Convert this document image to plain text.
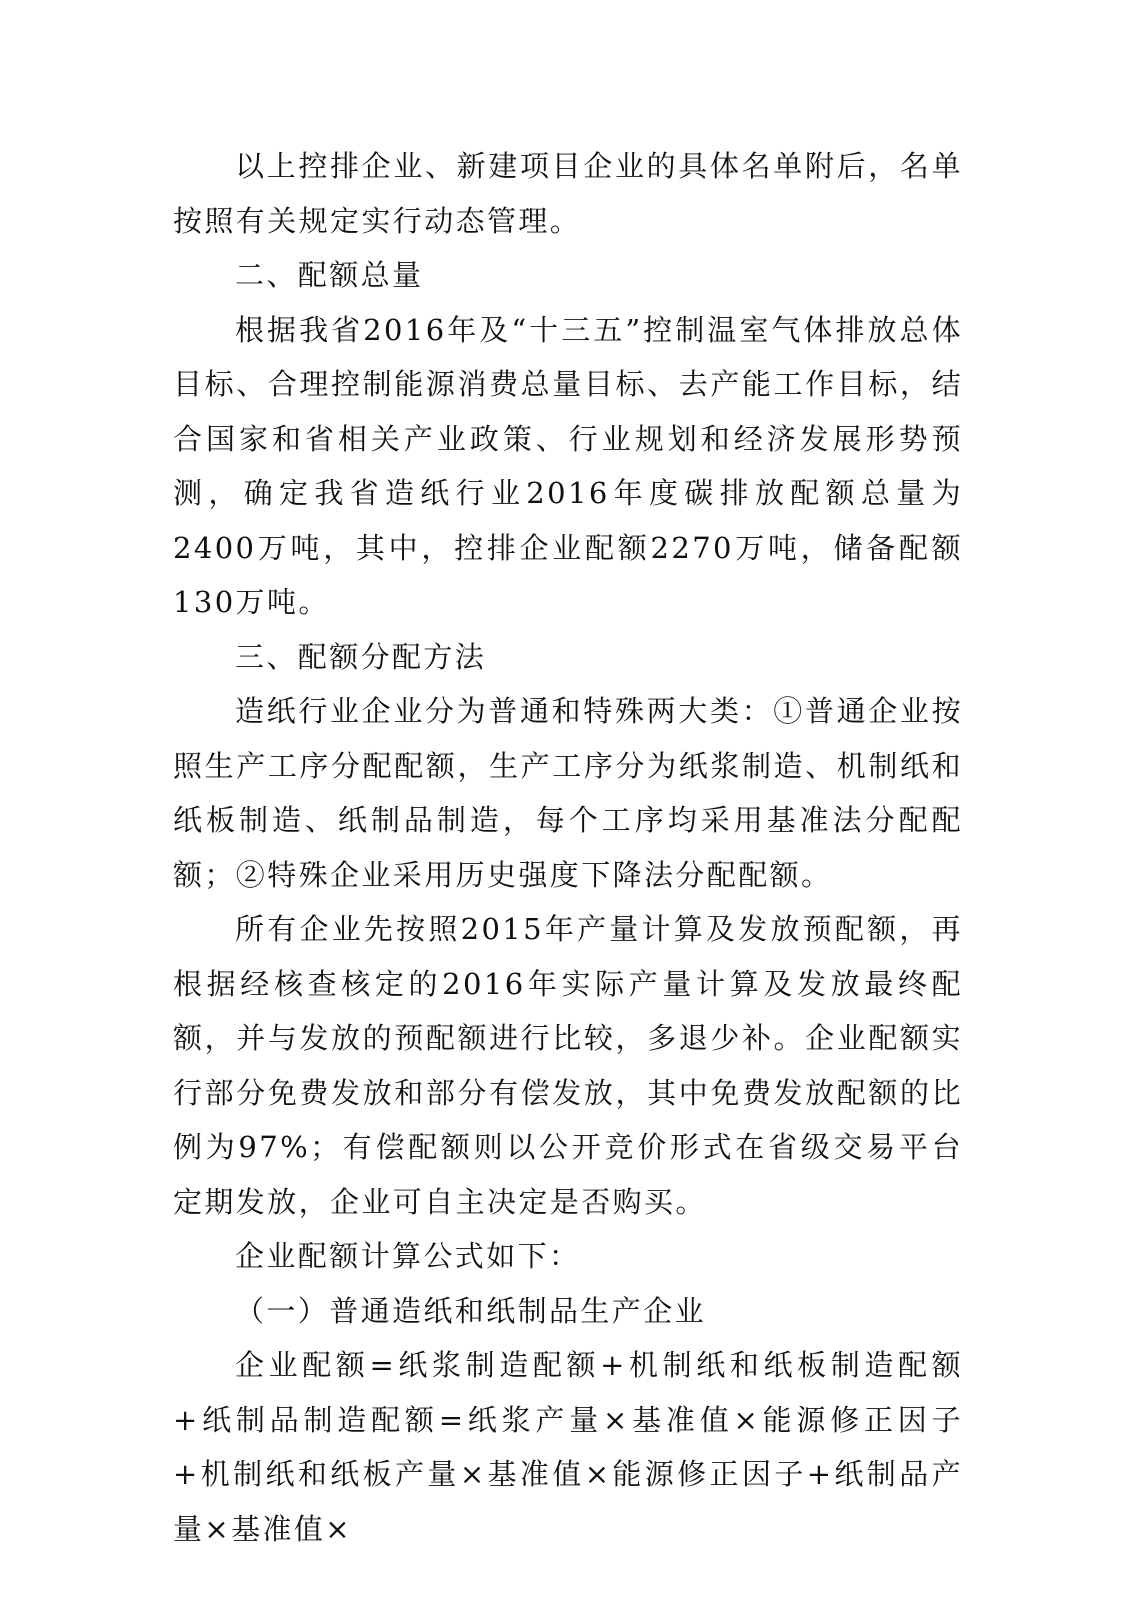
以上控排企业、新建项目企业的具体名单附后，名单按照有关规定实行动态管理。

二、配额总量

根据我省2016年及“十三五”控制温室气体排放总体目标、合理控制能源消费总量目标、去产能工作目标，结合国家和省相关产业政策、行业规划和经济发展形势预测，确定我省造纸行业2016年度碳排放配额总量为2400万吨，其中，控排企业配额2270万吨，储备配额130万吨。

三、配额分配方法

造纸行业企业分为普通和特殊两大类：①普通企业按照生产工序分配配额，生产工序分为纸浆制造、机制纸和纸板制造、纸制品制造，每个工序均采用基准法分配配额；②特殊企业采用历史强度下降法分配配额。

所有企业先按照2015年产量计算及发放预配额，再根据经核查核定的2016年实际产量计算及发放最终配额，并与发放的预配额进行比较，多退少补。企业配额实行部分免费发放和部分有偿发放，其中免费发放配额的比例为97%；有偿配额则以公开竞价形式在省级交易平台定期发放，企业可自主决定是否购买。

企业配额计算公式如下：

（一）普通造纸和纸制品生产企业

企业配额=纸浆制造配额+机制纸和纸板制造配额+纸制品制造配额=纸浆产量×基准值×能源修正因子+机制纸和纸板产量×基准值×能源修正因子+纸制品产量×基准值×
